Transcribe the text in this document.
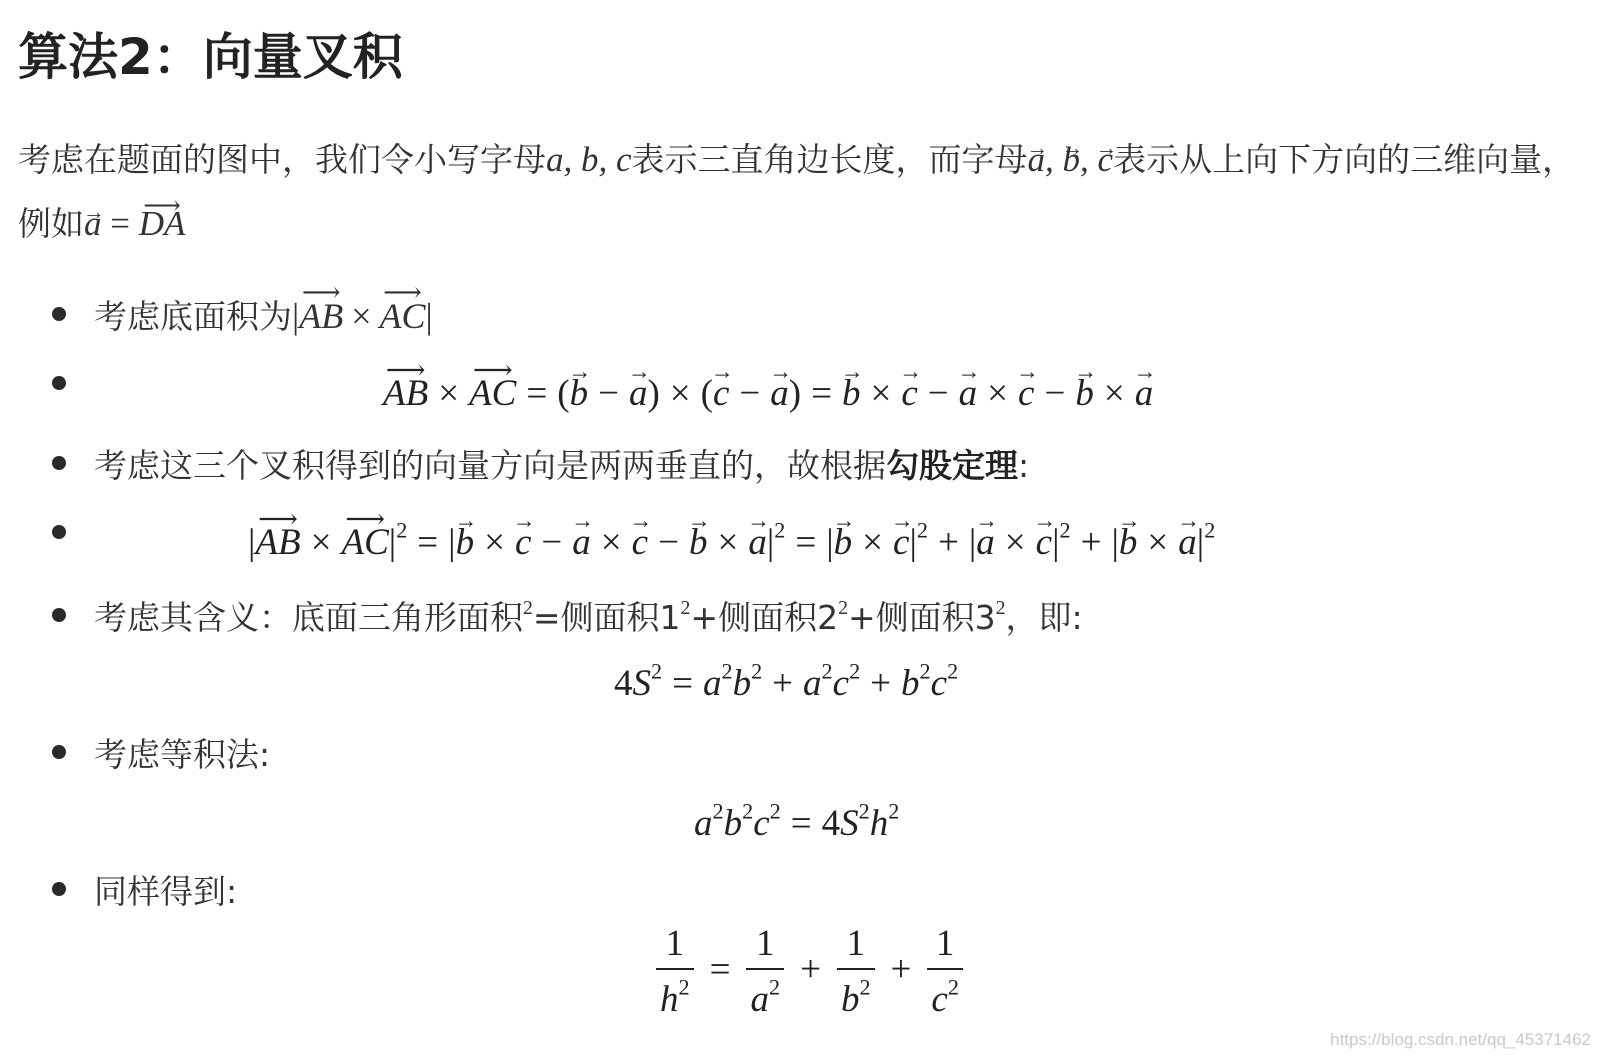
算法2：向量叉积
考虑在题面的图中，我们令小写字母a, b, c表示三直角边长度，而字母→ a, → b, → c表示从上向下方向的三维向量，例如→ a = ⟶ DA
考虑底面积为|⟶ AB ×⟶ AC|
⟶ AB ×⟶ AC = (→ b −→ a) × (→ c −→ a) =→ b ×→ c −→ a ×→ c −→ b ×→ a
考虑这三个叉积得到的向量方向是两两垂直的，故根据勾股定理:
|⟶ AB ×⟶ $AC|^2$ = |→ $b \times\to c -\to a \times\to c -\to b \times\to a|^2$ = |→ $b \times\to c|^2$ + |→ $a \times\to c|^2$ + |→ $b \times\to a|^2$
考虑其含义：底面三角形面积$^2$=侧面积$1^2+$侧面积$2^2+$侧面积$3^2$，即:
$4S^2 = a^2b^2 + a^2c^2 + b^2c^2$
考虑等积法:
$a^2b^2c^2 = 4S^2h^2$
同样得到:
$\frac{1}{h^2} = \frac{1}{a^2} + \frac{1}{b^2} + \frac{1}{c^2}$
https://blog.csdn.net/qq_45371462
